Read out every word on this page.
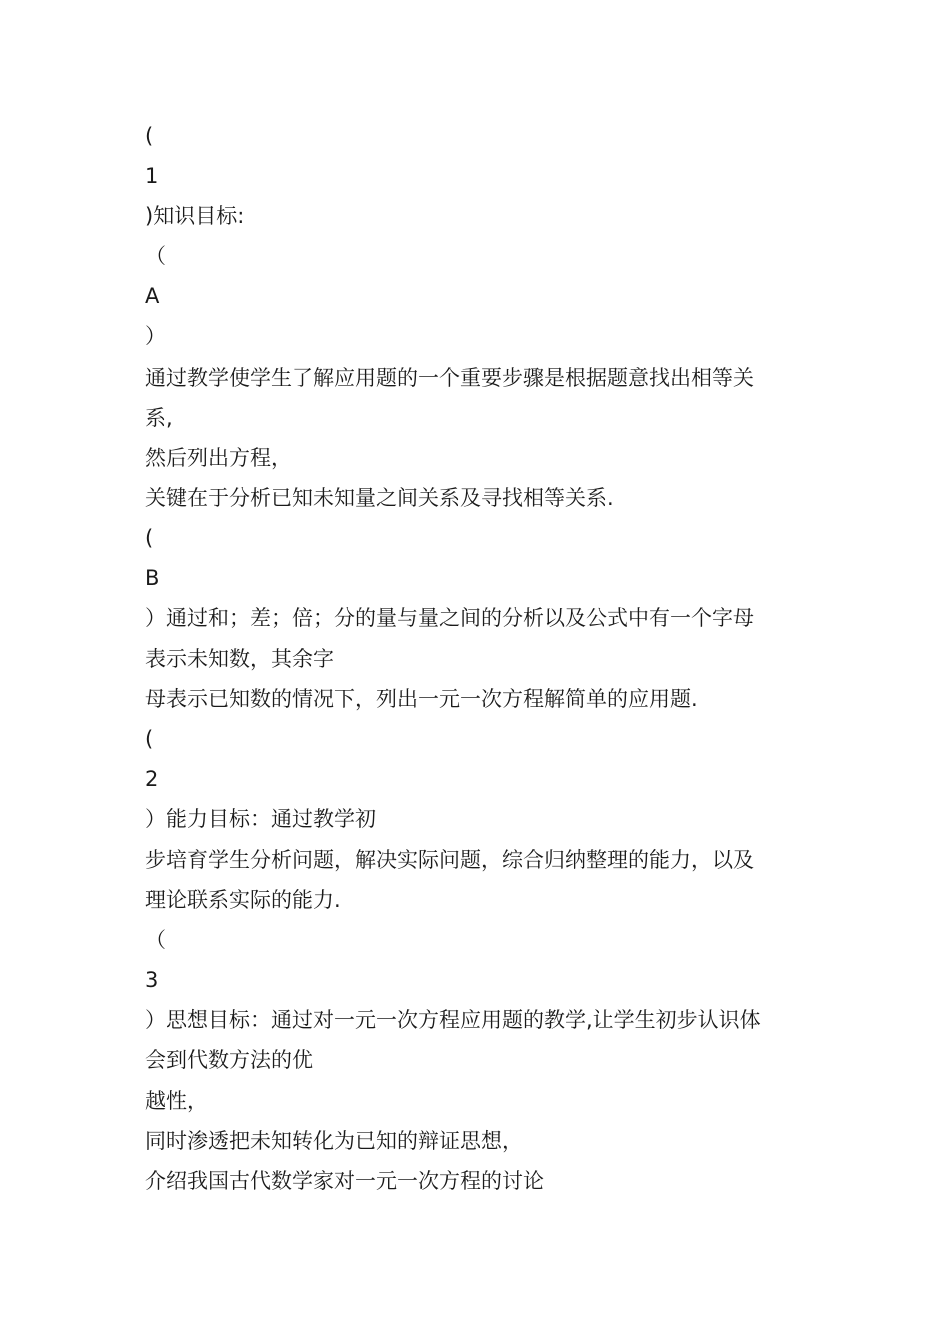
(
1
)知识目标:
（
A
）
通过教学使学生了解应用题的一个重要步骤是根据题意找出相等关
系,
然后列出方程，
关键在于分析已知未知量之间关系及寻找相等关系.
(
B
）通过和；差；倍；分的量与量之间的分析以及公式中有一个字母
表示未知数，其余字
母表示已知数的情况下，列出一元一次方程解简单的应用题.
(
2
）能力目标：通过教学初
步培育学生分析问题，解决实际问题，综合归纳整理的能力，以及
理论联系实际的能力.
（
3
）思想目标：通过对一元一次方程应用题的教学,让学生初步认识体
会到代数方法的优
越性，
同时渗透把未知转化为已知的辩证思想，
介绍我国古代数学家对一元一次方程的讨论
